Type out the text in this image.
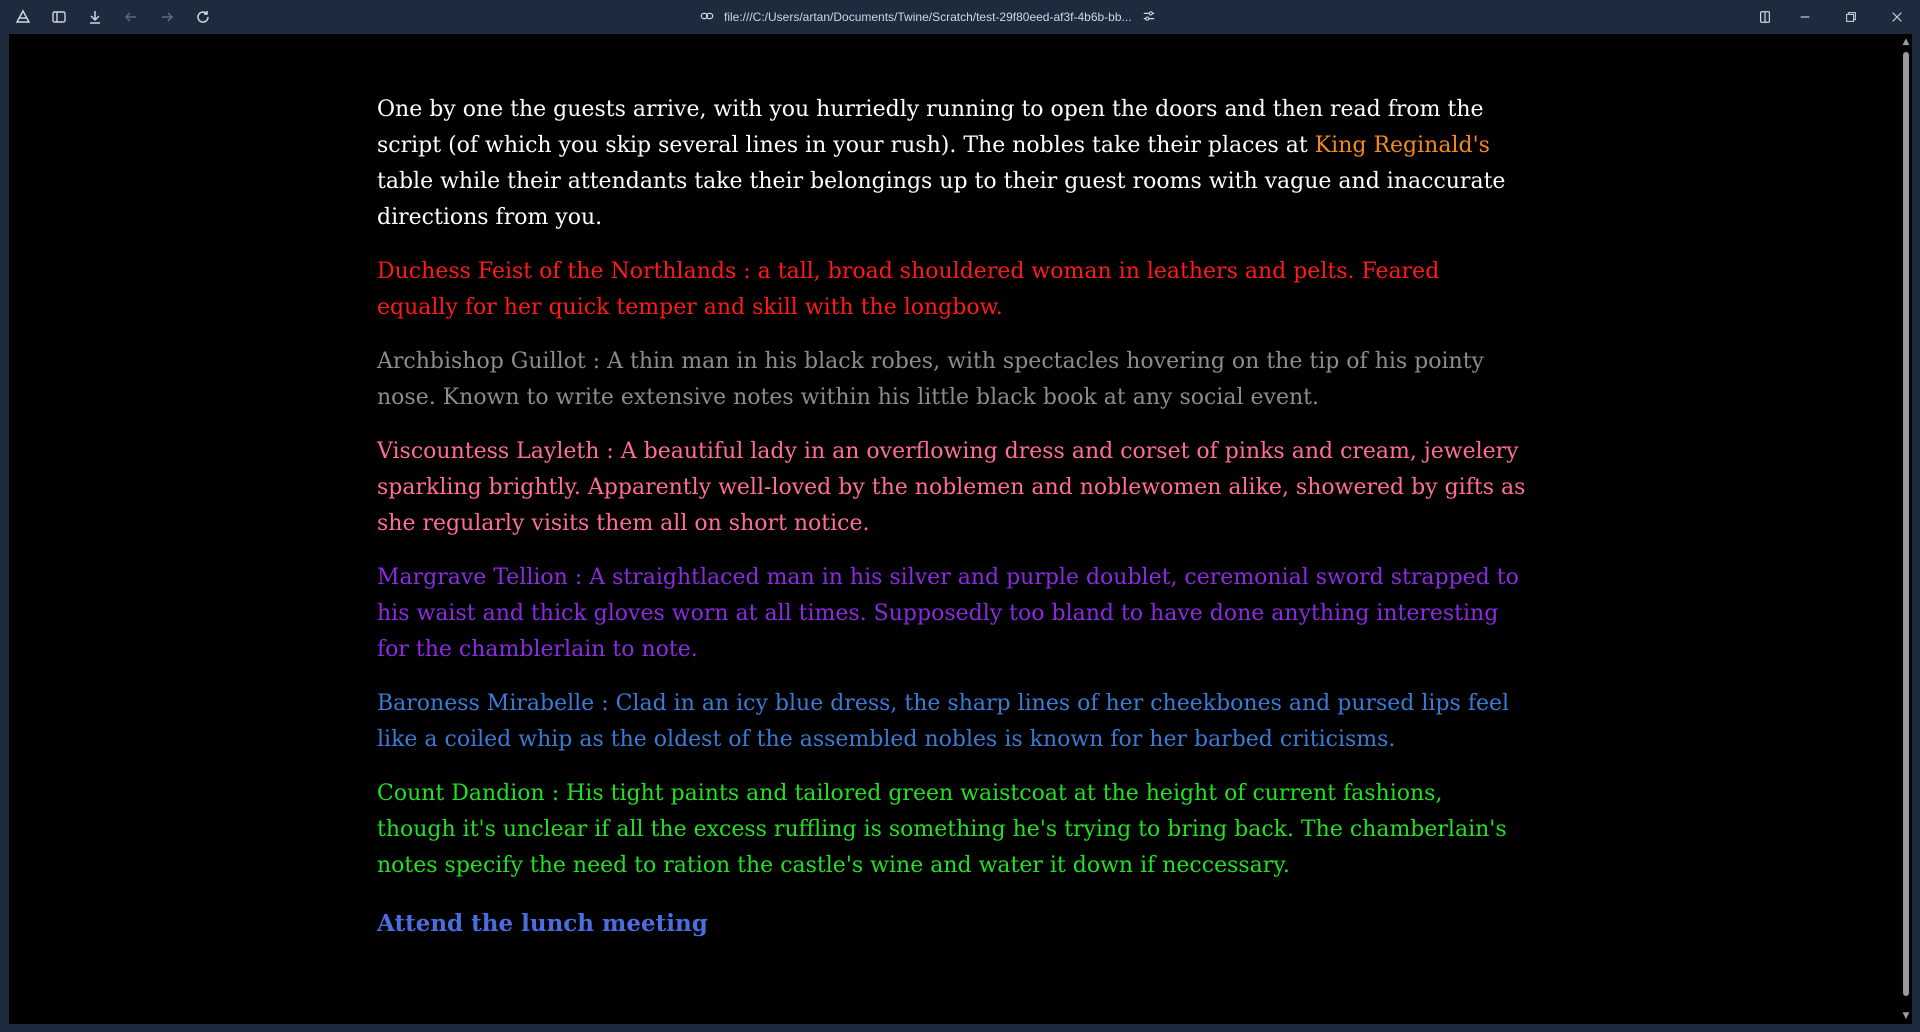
file:///C:/Users/artan/Documents/Twine/Scratch/test-29f80eed-af3f-4b6b-bb...
▲
▼

One by one the guests arrive, with you hurriedly running to open the doors and then read from the script (of which you skip several lines in your rush). The nobles take their places at King Reginald's table while their attendants take their belongings up to their guest rooms with vague and inaccurate directions from you.

Duchess Feist of the Northlands : a tall, broad shouldered woman in leathers and pelts. Feared equally for her quick temper and skill with the longbow.

Archbishop Guillot : A thin man in his black robes, with spectacles hovering on the tip of his pointy nose. Known to write extensive notes within his little black book at any social event.

Viscountess Layleth : A beautiful lady in an overflowing dress and corset of pinks and cream, jewelery sparkling brightly. Apparently well-loved by the noblemen and noblewomen alike, showered by gifts as she regularly visits them all on short notice.

Margrave Tellion : A straightlaced man in his silver and purple doublet, ceremonial sword strapped to his waist and thick gloves worn at all times. Supposedly too bland to have done anything interesting for the chamblerlain to note.

Baroness Mirabelle : Clad in an icy blue dress, the sharp lines of her cheekbones and pursed lips feel like a coiled whip as the oldest of the assembled nobles is known for her barbed criticisms.

Count Dandion : His tight paints and tailored green waistcoat at the height of current fashions, though it's unclear if all the excess ruffling is something he's trying to bring back. The chamberlain's notes specify the need to ration the castle's wine and water it down if neccessary.

Attend the lunch meeting
